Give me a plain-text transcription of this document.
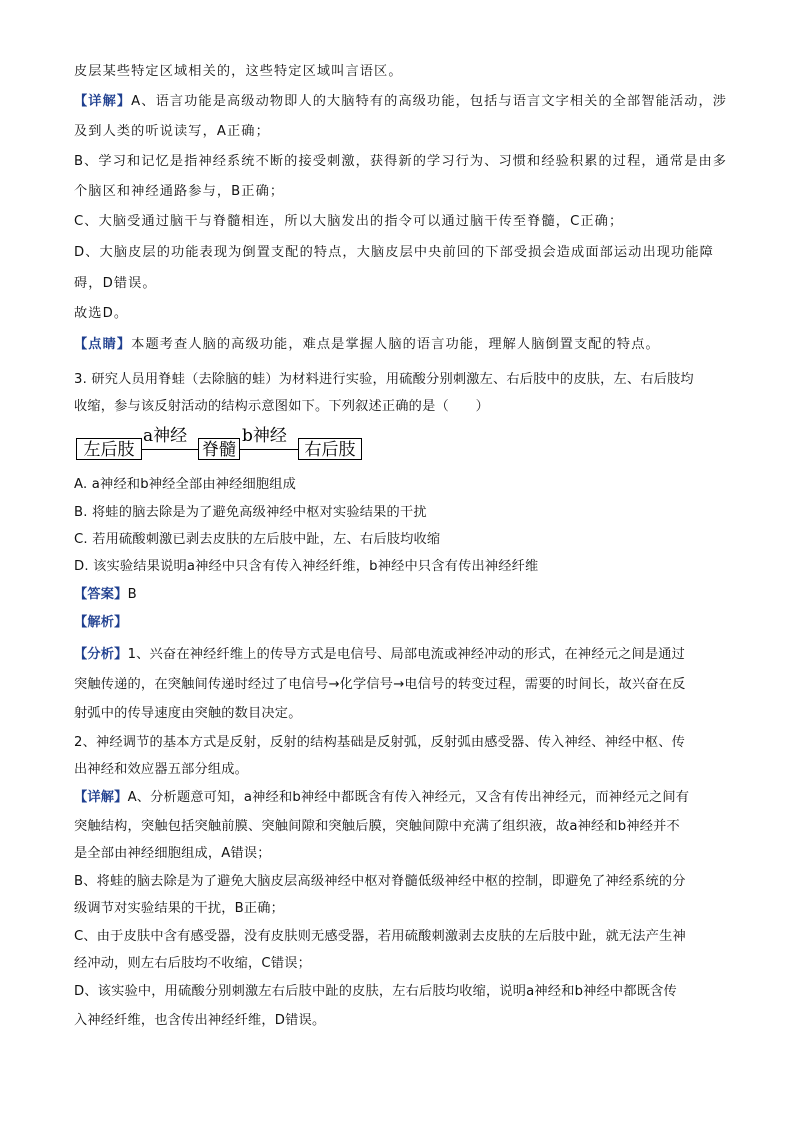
皮层某些特定区域相关的，这些特定区域叫言语区。
【详解】A、语言功能是高级动物即人的大脑特有的高级功能，包括与语言文字相关的全部智能活动，涉
及到人类的听说读写，A正确；
B、学习和记忆是指神经系统不断的接受刺激，获得新的学习行为、习惯和经验积累的过程，通常是由多
个脑区和神经通路参与，B正确；
C、大脑受通过脑干与脊髓相连，所以大脑发出的指令可以通过脑干传至脊髓，C正确；
D、大脑皮层的功能表现为倒置支配的特点，大脑皮层中央前回的下部受损会造成面部运动出现功能障
碍，D错误。
故选D。
【点睛】本题考查人脑的高级功能，难点是掌握人脑的语言功能，理解人脑倒置支配的特点。
3. 研究人员用脊蛙（去除脑的蛙）为材料进行实验，用硫酸分别刺激左、右后肢中的皮肤，左、右后肢均
收缩，参与该反射活动的结构示意图如下。下列叙述正确的是（　　）
A. a神经和b神经全部由神经细胞组成
B. 将蛙的脑去除是为了避免高级神经中枢对实验结果的干扰
C. 若用硫酸刺激已剥去皮肤的左后肢中趾，左、右后肢均收缩
D. 该实验结果说明a神经中只含有传入神经纤维，b神经中只含有传出神经纤维
【答案】B
【解析】
【分析】1、兴奋在神经纤维上的传导方式是电信号、局部电流或神经冲动的形式，在神经元之间是通过
突触传递的，在突触间传递时经过了电信号→化学信号→电信号的转变过程，需要的时间长，故兴奋在反
射弧中的传导速度由突触的数目决定。
2、神经调节的基本方式是反射，反射的结构基础是反射弧，反射弧由感受器、传入神经、神经中枢、传
出神经和效应器五部分组成。
【详解】A、分析题意可知，a神经和b神经中都既含有传入神经元，又含有传出神经元，而神经元之间有
突触结构，突触包括突触前膜、突触间隙和突触后膜，突触间隙中充满了组织液，故a神经和b神经并不
是全部由神经细胞组成，A错误；
B、将蛙的脑去除是为了避免大脑皮层高级神经中枢对脊髓低级神经中枢的控制，即避免了神经系统的分
级调节对实验结果的干扰，B正确；
C、由于皮肤中含有感受器，没有皮肤则无感受器，若用硫酸刺激剥去皮肤的左后肢中趾，就无法产生神
经冲动，则左右后肢均不收缩，C错误；
D、该实验中，用硫酸分别刺激左右后肢中趾的皮肤，左右后肢均收缩，说明a神经和b神经中都既含传
入神经纤维，也含传出神经纤维，D错误。
左后肢
a神经
脊髓
b神经
右后肢
